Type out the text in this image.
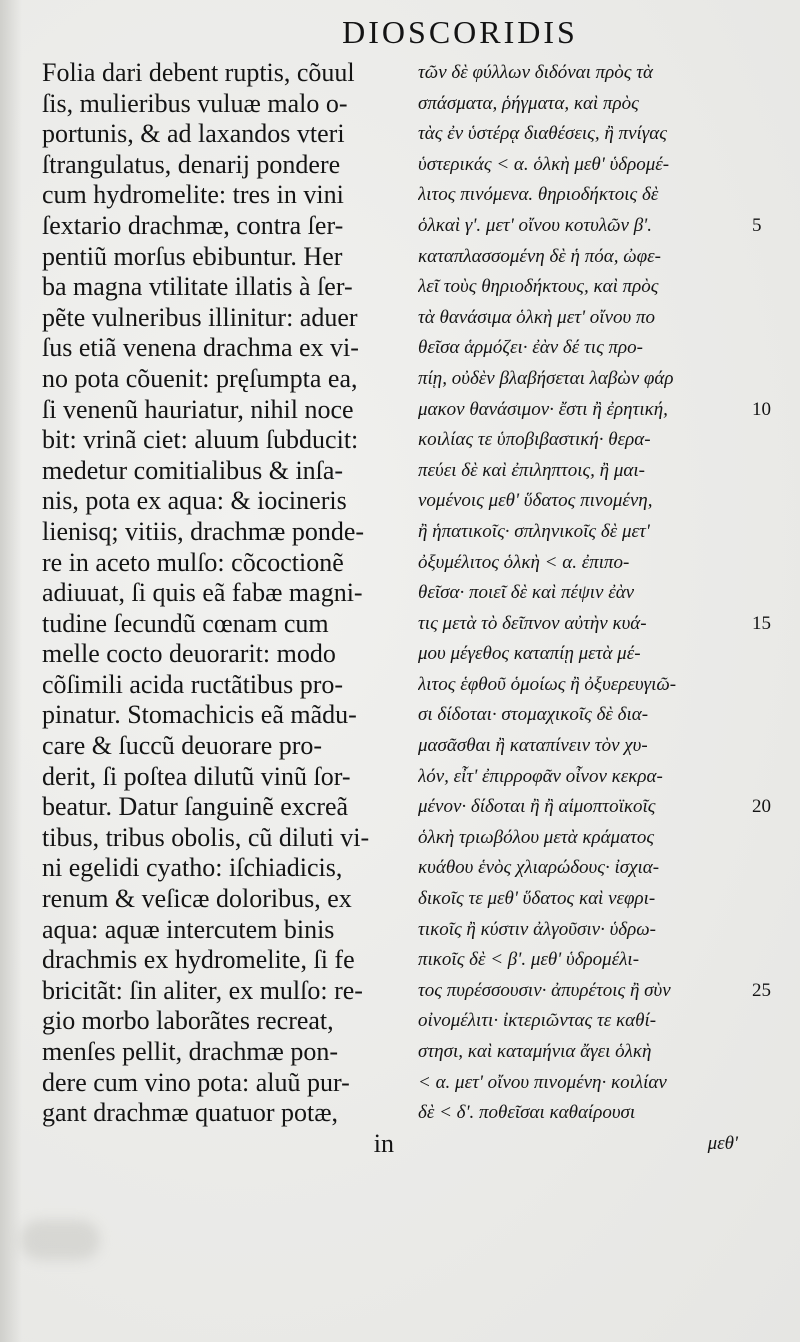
DIOSCORIDIS
Folia dari debent ruptis, cõuul
ſis, mulieribus vuluæ malo o-
portunis, & ad laxandos vteri
ſtrangulatus, denarij pondere
cum hydromelite: tres in vini
ſextario drachmæ, contra ſer-
pentiũ morſus ebibuntur. Her
ba magna vtilitate illatis à ſer-
pẽte vulneribus illinitur: aduer
ſus etiã venena drachma ex vi-
no pota cõuenit: pręſumpta ea,
ſi venenũ hauriatur, nihil noce
bit: vrinã ciet: aluum ſubducit:
medetur comitialibus & inſa-
nis, pota ex aqua: & iocineris
lienisq; vitiis, drachmæ ponde-
re in aceto mulſo: cõcoctionẽ
adiuuat, ſi quis eã fabæ magni-
tudine ſecundũ cœnam cum
melle cocto deuorarit: modo
cõſimili acida ructãtibus pro-
pinatur. Stomachicis eã mãdu-
care & ſuccũ deuorare pro-
derit, ſi poſtea dilutũ vinũ ſor-
beatur. Datur ſanguinẽ excreã
tibus, tribus obolis, cũ diluti vi-
ni egelidi cyatho: iſchiadicis,
renum & veſicæ doloribus, ex
aqua: aquæ intercutem binis
drachmis ex hydromelite, ſi fe
bricitãt: ſin aliter, ex mulſo: re-
gio morbo laborãtes recreat,
menſes pellit, drachmæ pon-
dere cum vino pota: aluũ pur-
gant drachmæ quatuor potæ,
in
τῶν δὲ φύλλων διδόναι πρὸς τὰ
σπάσματα, ῥήγματα, καὶ πρὸς
τὰς ἐν ὑστέρᾳ διαθέσεις, ἢ πνίγας
ὑστερικάς < α. ὁλκὴ μεθ' ὑδρομέ-
λιτος πινόμενα. θηριοδήκτοις δὲ
ὁλκαὶ γ'. μετ' οἴνου κοτυλῶν β'.
καταπλασσομένη δὲ ἡ πόα, ὠφε-
λεῖ τοὺς θηριοδήκτους, καὶ πρὸς
τὰ θανάσιμα ὁλκὴ μετ' οἴνου πο
θεῖσα ἁρμόζει· ἐὰν δέ τις προ-
πίῃ, οὐδὲν βλαβήσεται λαβὼν φάρ
μακον θανάσιμον· ἔστι ἢ ἐρητική,
κοιλίας τε ὑποβιβαστική· θερα-
πεύει δὲ καὶ ἐπιληπτοις, ἢ μαι-
νομένοις μεθ' ὕδατος πινομένη,
ἢ ἡπατικοῖς· σπληνικοῖς δὲ μετ'
ὀξυμέλιτος ὁλκὴ < α. ἐπιπο-
θεῖσα· ποιεῖ δὲ καὶ πέψιν ἐὰν
τις μετὰ τὸ δεῖπνον αὐτὴν κυά-
μου μέγεθος καταπίῃ μετὰ μέ-
λιτος ἑφθοῦ ὁμοίως ἢ ὀξυερευγιῶ-
σι δίδοται· στομαχικοῖς δὲ δια-
μασᾶσθαι ἢ καταπίνειν τὸν χυ-
λόν, εἶτ' ἐπιρροφᾶν οἶνον κεκρα-
μένον· δίδοται ἢ ἢ αἱμοπτοϊκοῖς
ὁλκὴ τριωβόλου μετὰ κράματος
κυάθου ἑνὸς χλιαρώδους· ἰσχια-
δικοῖς τε μεθ' ὕδατος καὶ νεφρι-
τικοῖς ἢ κύστιν ἀλγοῦσιν· ὑδρω-
πικοῖς δὲ < β'. μεθ' ὑδρομέλι-
τος πυρέσσουσιν· ἀπυρέτοις ἢ σὺν
οἰνομέλιτι· ἰκτεριῶντας τε καθί-
στησι, καὶ καταμήνια ἄγει ὁλκὴ
< α. μετ' οἴνου πινομένη· κοιλίαν
δὲ < δ'. ποθεῖσαι καθαίρουσι
μεθ'
5
10
15
20
25
